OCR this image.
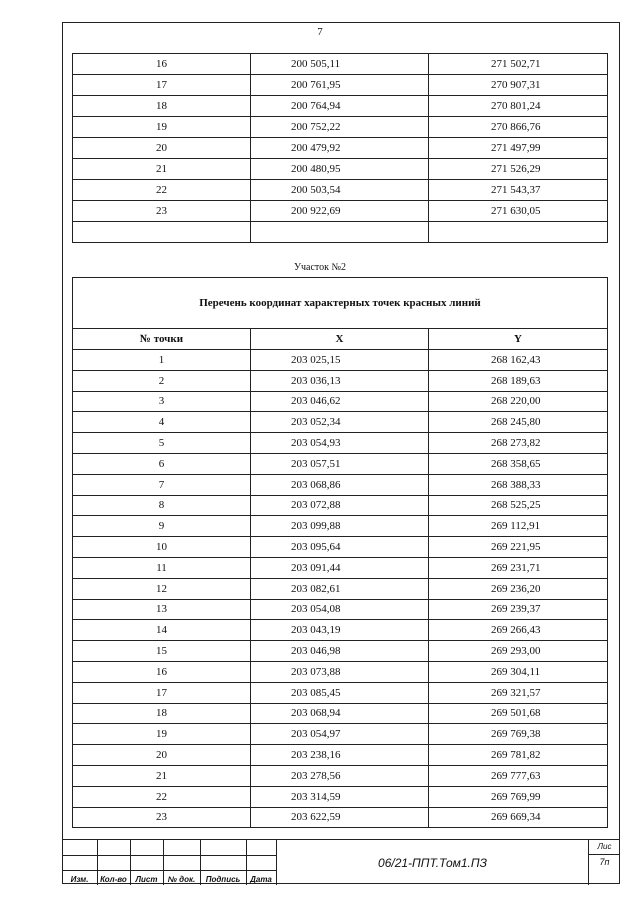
7
16	200 505,11	271 502,71
17	200 761,95	270 907,31
18	200 764,94	270 801,24
19	200 752,22	270 866,76
20	200 479,92	271 497,99
21	200 480,95	271 526,29
22	200 503,54	271 543,37
23	200 922,69	271 630,05

Участок №2
Перечень координат характерных точек красных линий		
№ точки	X	Y
1	203 025,15	268 162,43
2	203 036,13	268 189,63
3	203 046,62	268 220,00
4	203 052,34	268 245,80
5	203 054,93	268 273,82
6	203 057,51	268 358,65
7	203 068,86	268 388,33
8	203 072,88	268 525,25
9	203 099,88	269 112,91
10	203 095,64	269 221,95
11	203 091,44	269 231,71
12	203 082,61	269 236,20
13	203 054,08	269 239,37
14	203 043,19	269 266,43
15	203 046,98	269 293,00
16	203 073,88	269 304,11
17	203 085,45	269 321,57
18	203 068,94	269 501,68
19	203 054,97	269 769,38
20	203 238,16	269 781,82
21	203 278,56	269 777,63
22	203 314,59	269 769,99
23	203 622,59	269 669,34
Изм.	Кол-во	Лист	№ док.	Подпись	Дата
06/21-ППТ.Том1.ПЗ
Лис
7п
